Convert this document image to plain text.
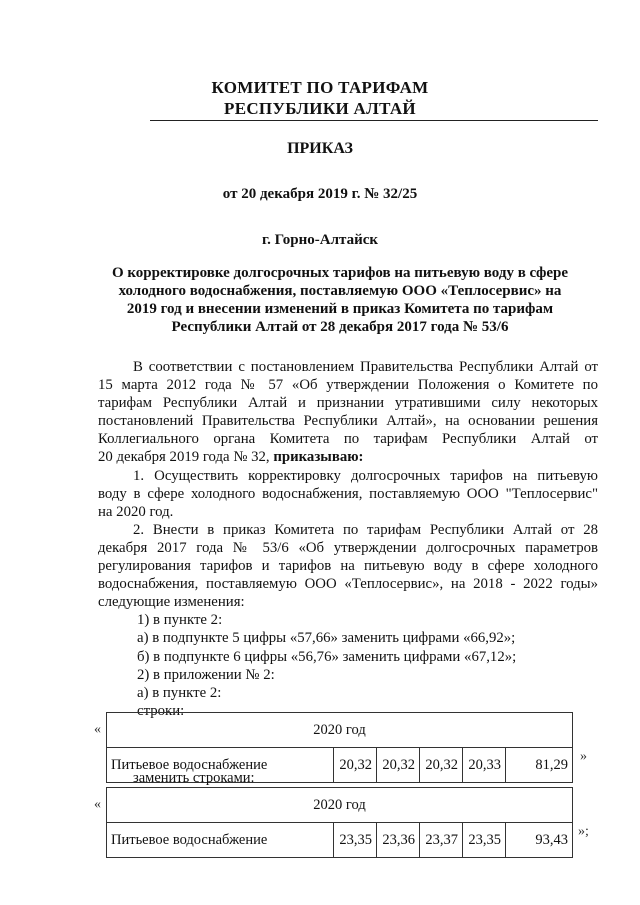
КОМИТЕТ ПО ТАРИФАМ
РЕСПУБЛИКИ АЛТАЙ
ПРИКАЗ
от 20 декабря 2019 г. № 32/25
г. Горно-Алтайск
О корректировке долгосрочных тарифов на питьевую воду в сфере
холодного водоснабжения, поставляемую ООО «Теплосервис» на
2019 год и внесении изменений в приказ Комитета по тарифам
Республики Алтай от 28 декабря 2017 года № 53/6
В соответствии с постановлением Правительства Республики Алтай от
15 марта 2012 года № 57 «Об утверждении Положения о Комитете по
тарифам Республики Алтай и признании утратившими силу некоторых
постановлений Правительства Республики Алтай», на основании решения
Коллегиального органа Комитета по тарифам Республики Алтай от
20 декабря 2019 года № 32, приказываю:
1. Осуществить корректировку долгосрочных тарифов на питьевую
воду в сфере холодного водоснабжения, поставляемую ООО "Теплосервис"
на 2020 год.
2. Внести в приказ Комитета по тарифам Республики Алтай от 28
декабря 2017 года № 53/6 «Об утверждении долгосрочных параметров
регулирования тарифов и тарифов на питьевую воду в сфере холодного
водоснабжения, поставляемую ООО «Теплосервис», на 2018 - 2022 годы»
следующие изменения:
1) в пункте 2:
а) в подпункте 5 цифры «57,66» заменить цифрами «66,92»;
б) в подпункте 6 цифры «56,76» заменить цифрами «67,12»;
2) в приложении № 2:
а) в пункте 2:
строки:
«	2020 год
Питьевое водоснабжение	20,32	20,32	20,32	20,33	81,29 »
заменить строками:
«	2020 год
Питьевое водоснабжение	23,35	23,36	23,37	23,35	93,43 »;
